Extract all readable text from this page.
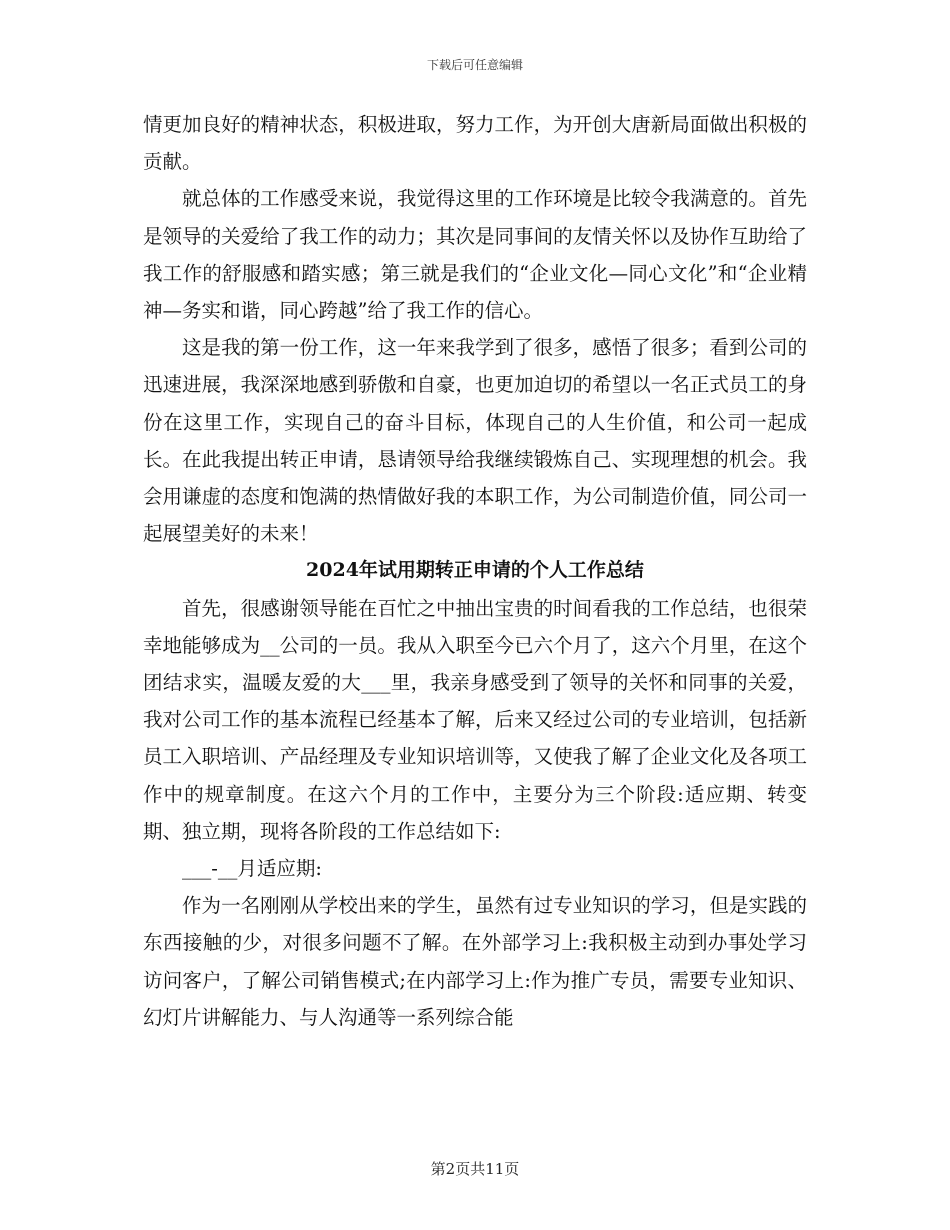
下载后可任意编辑

情更加良好的精神状态，积极进取，努力工作，为开创大唐新局面做出积极的贡献。

就总体的工作感受来说，我觉得这里的工作环境是比较令我满意的。首先是领导的关爱给了我工作的动力；其次是同事间的友情关怀以及协作互助给了我工作的舒服感和踏实感；第三就是我们的“企业文化—同心文化”和“企业精神—务实和谐，同心跨越”给了我工作的信心。

这是我的第一份工作，这一年来我学到了很多，感悟了很多；看到公司的迅速进展，我深深地感到骄傲和自豪，也更加迫切的希望以一名正式员工的身份在这里工作，实现自己的奋斗目标，体现自己的人生价值，和公司一起成长。在此我提出转正申请，恳请领导给我继续锻炼自己、实现理想的机会。我会用谦虚的态度和饱满的热情做好我的本职工作，为公司制造价值，同公司一起展望美好的未来！

2024年试用期转正申请的个人工作总结

首先，很感谢领导能在百忙之中抽出宝贵的时间看我的工作总结，也很荣幸地能够成为__公司的一员。我从入职至今已六个月了，这六个月里，在这个团结求实，温暖友爱的大___里，我亲身感受到了领导的关怀和同事的关爱，我对公司工作的基本流程已经基本了解，后来又经过公司的专业培训，包括新员工入职培训、产品经理及专业知识培训等，又使我了解了企业文化及各项工作中的规章制度。在这六个月的工作中，主要分为三个阶段:适应期、转变期、独立期，现将各阶段的工作总结如下:

___-__月适应期:

作为一名刚刚从学校出来的学生，虽然有过专业知识的学习，但是实践的东西接触的少，对很多问题不了解。在外部学习上:我积极主动到办事处学习访问客户，了解公司销售模式;在内部学习上:作为推广专员，需要专业知识、幻灯片讲解能力、与人沟通等一系列综合能

第2页共11页
